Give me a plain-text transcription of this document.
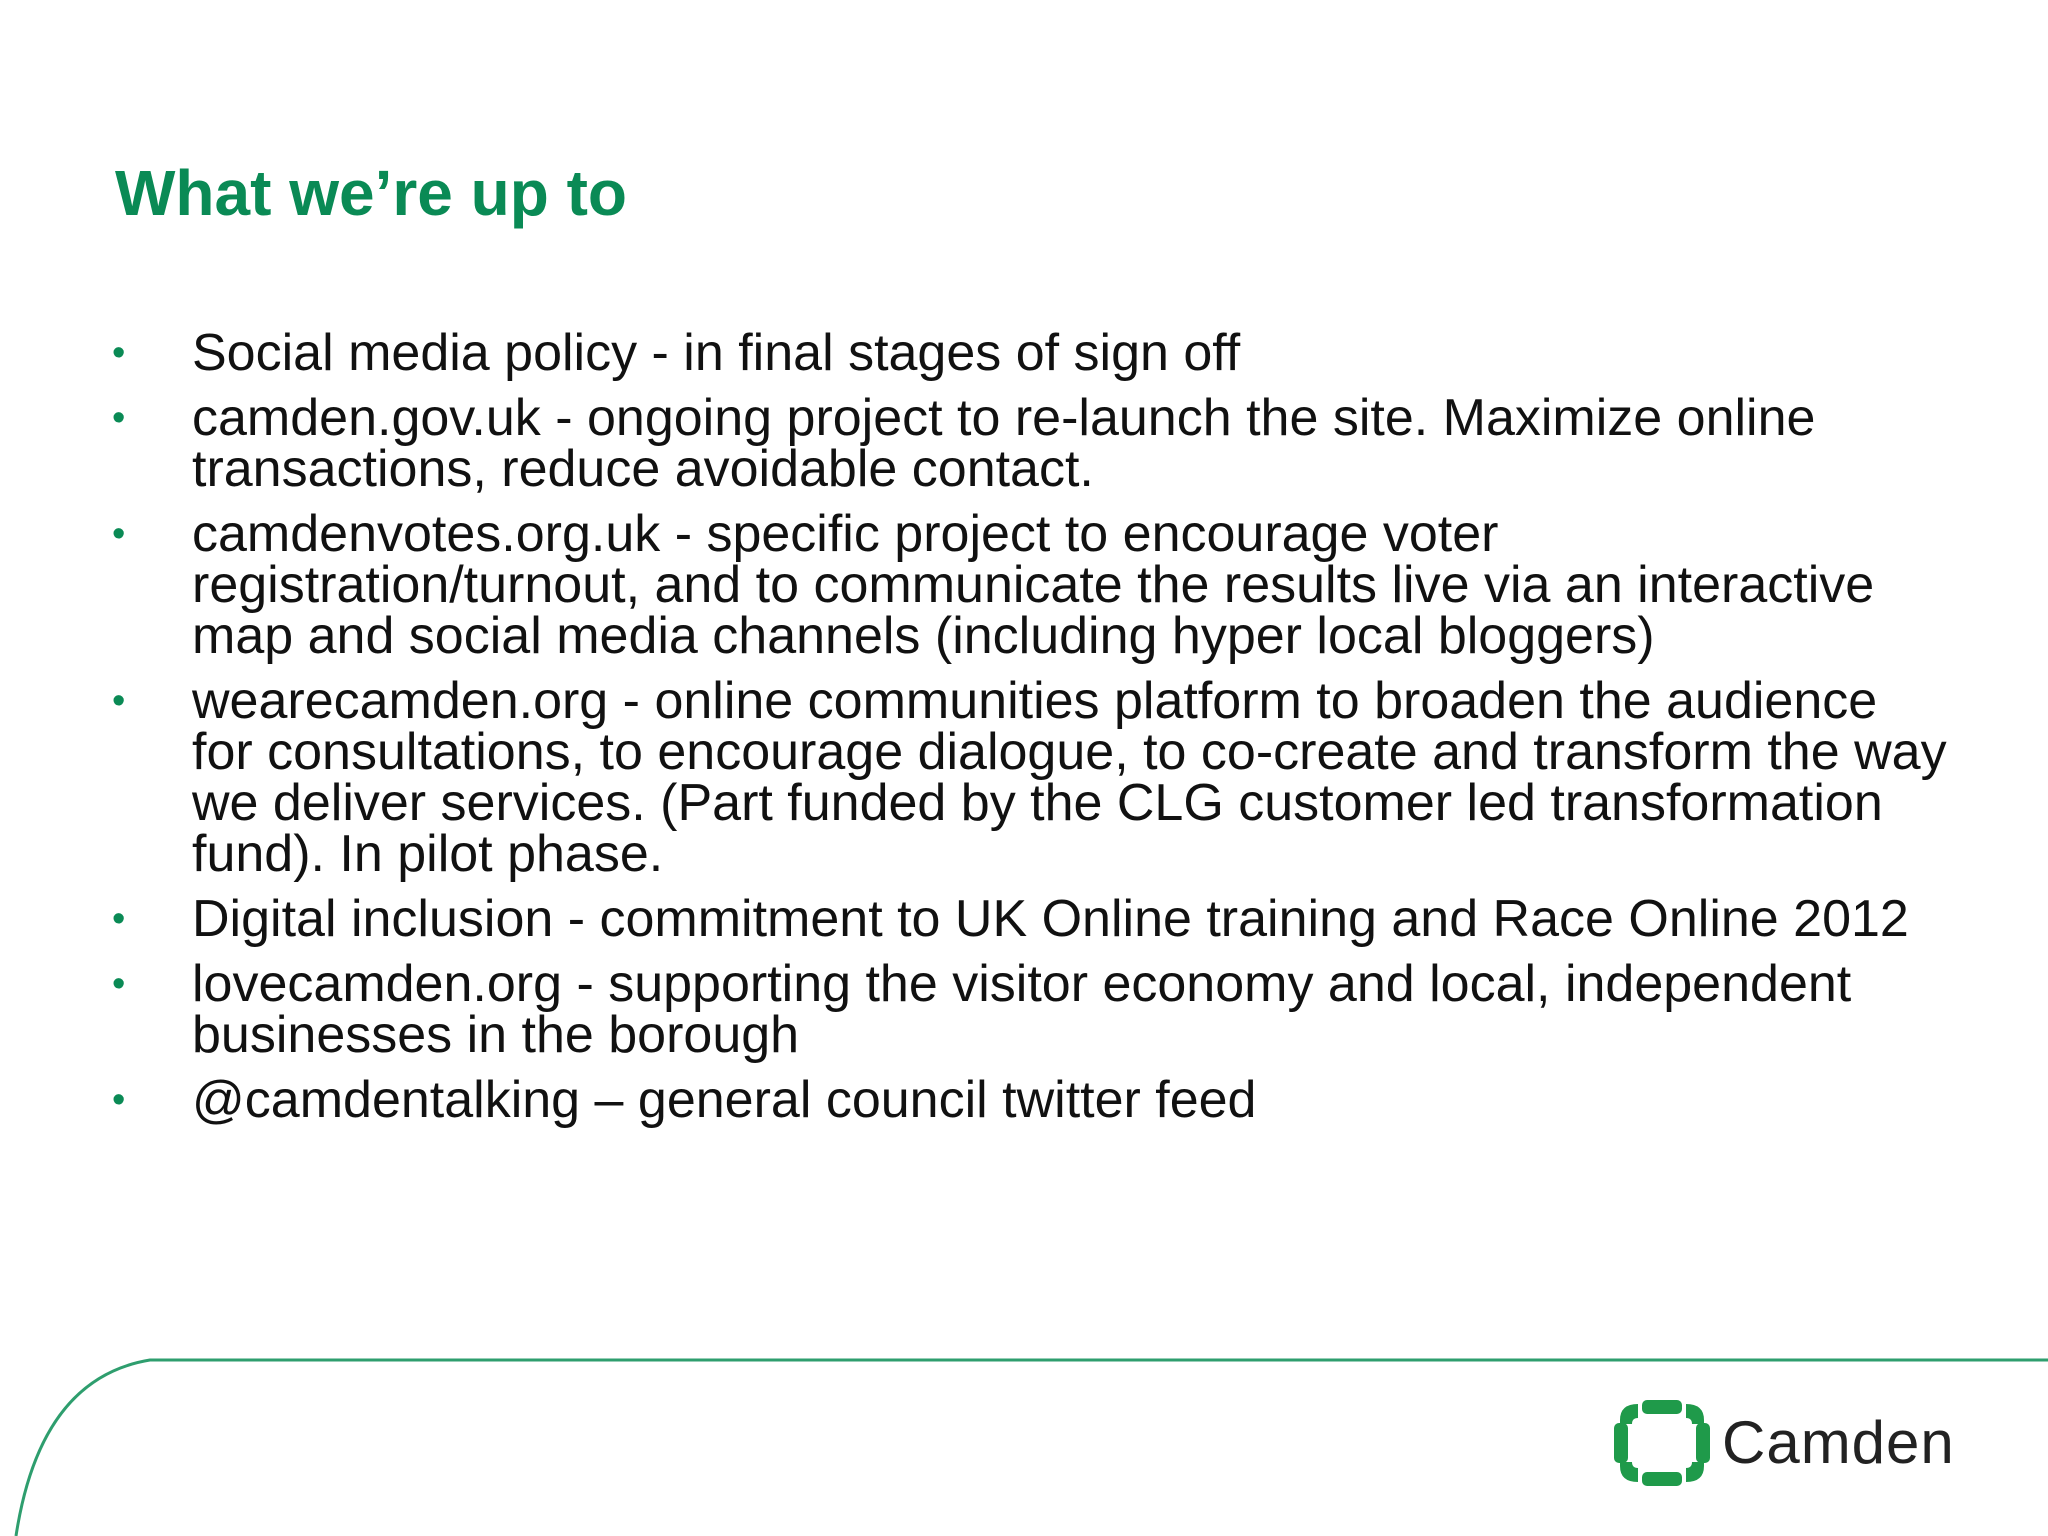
What we’re up to
• Social media policy - in final stages of sign off
• camden.gov.uk - ongoing project to re-launch the site. Maximize online transactions, reduce avoidable contact.
• camdenvotes.org.uk - specific project to encourage voter registration/turnout, and to communicate the results live via an interactive map and social media channels (including hyper local bloggers)
• wearecamden.org - online communities platform to broaden the audience for consultations, to encourage dialogue, to co-create and transform the way we deliver services. (Part funded by the CLG customer led transformation fund). In pilot phase.
• Digital inclusion - commitment to UK Online training and Race Online 2012
• lovecamden.org - supporting the visitor economy and local, independent businesses in the borough
• @camdentalking – general council twitter feed
Camden
